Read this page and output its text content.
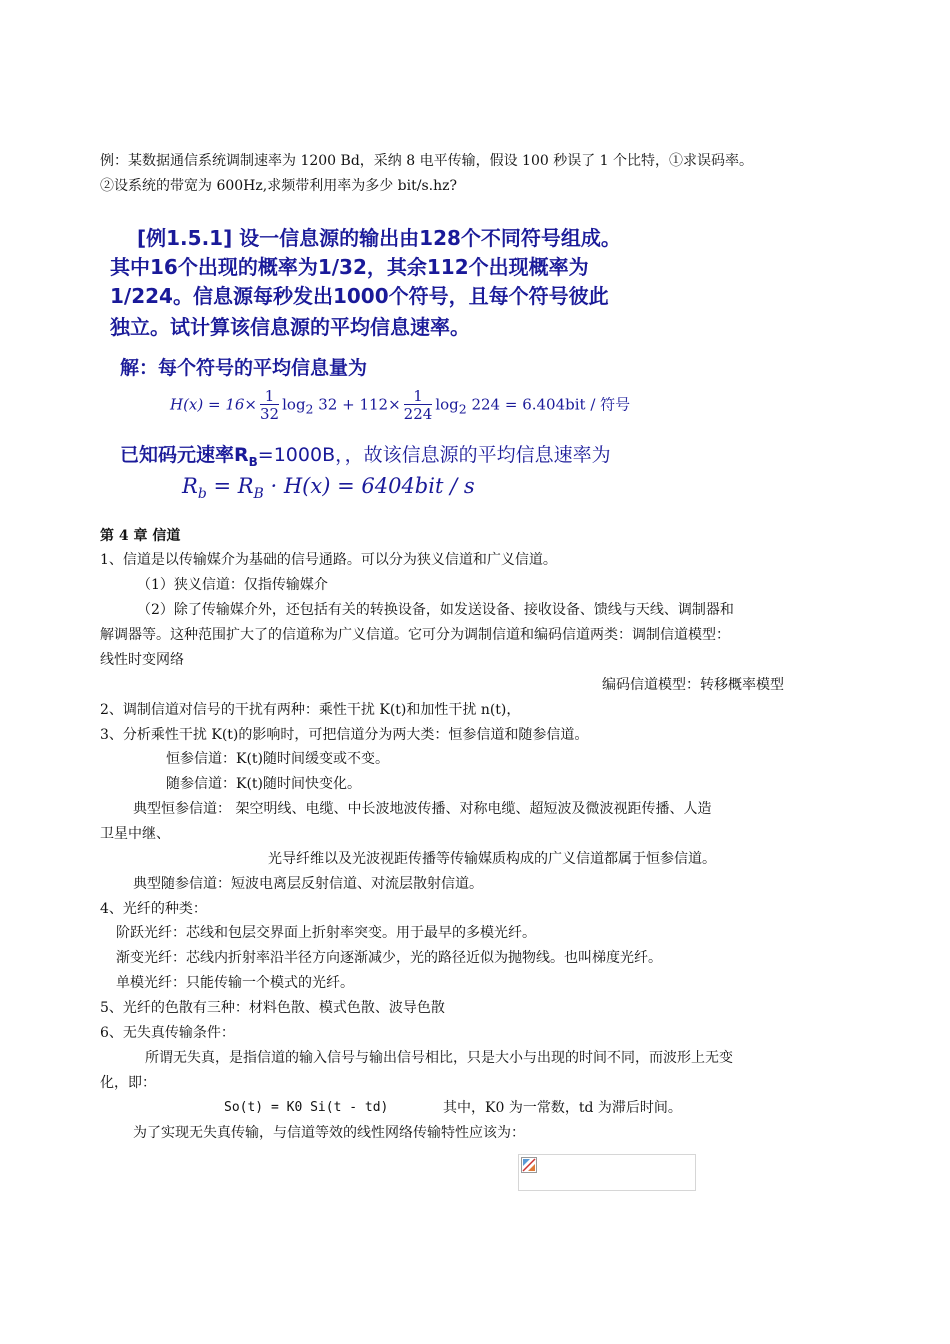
例：某数据通信系统调制速率为 1200 Bd，采纳 8 电平传输，假设 100 秒误了 1 个比特，①求误码率。

②设系统的带宽为 600Hz,求频带利用率为多少 bit/s.hz?

[例1.5.1] 设一信息源的输出由128个不同符号组成。

其中16个出现的概率为1/32，其余112个出现概率为

1/224。信息源每秒发出1000个符号，且每个符号彼此

独立。试计算该信息源的平均信息速率。

解：每个符号的平均信息量为

$H(x) = 16\times \frac{1}{32} \log_2 32 + 112\times \frac{1}{224} \log_2 224 = 6.404bit$ / 符号

已知码元速率$R_B=1000B$，，故该信息源的平均信息速率为

$R_b = R_B \cdot H(x) = 6404bit / s$

第 4 章 信道

1、信道是以传输媒介为基础的信号通路。可以分为狭义信道和广义信道。

（1）狭义信道：仅指传输媒介

（2）除了传输媒介外，还包括有关的转换设备，如发送设备、接收设备、馈线与天线、调制器和

解调器等。这种范围扩大了的信道称为广义信道。它可分为调制信道和编码信道两类：调制信道模型：

线性时变网络

编码信道模型：转移概率模型

2、调制信道对信号的干扰有两种：乘性干扰 K(t)和加性干扰 n(t)，

3、分析乘性干扰 K(t)的影响时，可把信道分为两大类：恒参信道和随参信道。

恒参信道：K(t)随时间缓变或不变。

随参信道：K(t)随时间快变化。

典型恒参信道： 架空明线、电缆、中长波地波传播、对称电缆、超短波及微波视距传播、人造

卫星中继、

光导纤维以及光波视距传播等传输媒质构成的广义信道都属于恒参信道。

典型随参信道：短波电离层反射信道、对流层散射信道。

4、光纤的种类：

阶跃光纤：芯线和包层交界面上折射率突变。用于最早的多模光纤。

渐变光纤：芯线内折射率沿半径方向逐渐减少，光的路径近似为抛物线。也叫梯度光纤。

单模光纤：只能传输一个模式的光纤。

5、光纤的色散有三种：材料色散、模式色散、波导色散

6、无失真传输条件：

所谓无失真，是指信道的输入信号与输出信号相比，只是大小与出现的时间不同，而波形上无变

化，即：

So(t) = K0 Si(t - td)	其中，K0 为一常数，td 为滞后时间。

为了实现无失真传输，与信道等效的线性网络传输特性应该为：
